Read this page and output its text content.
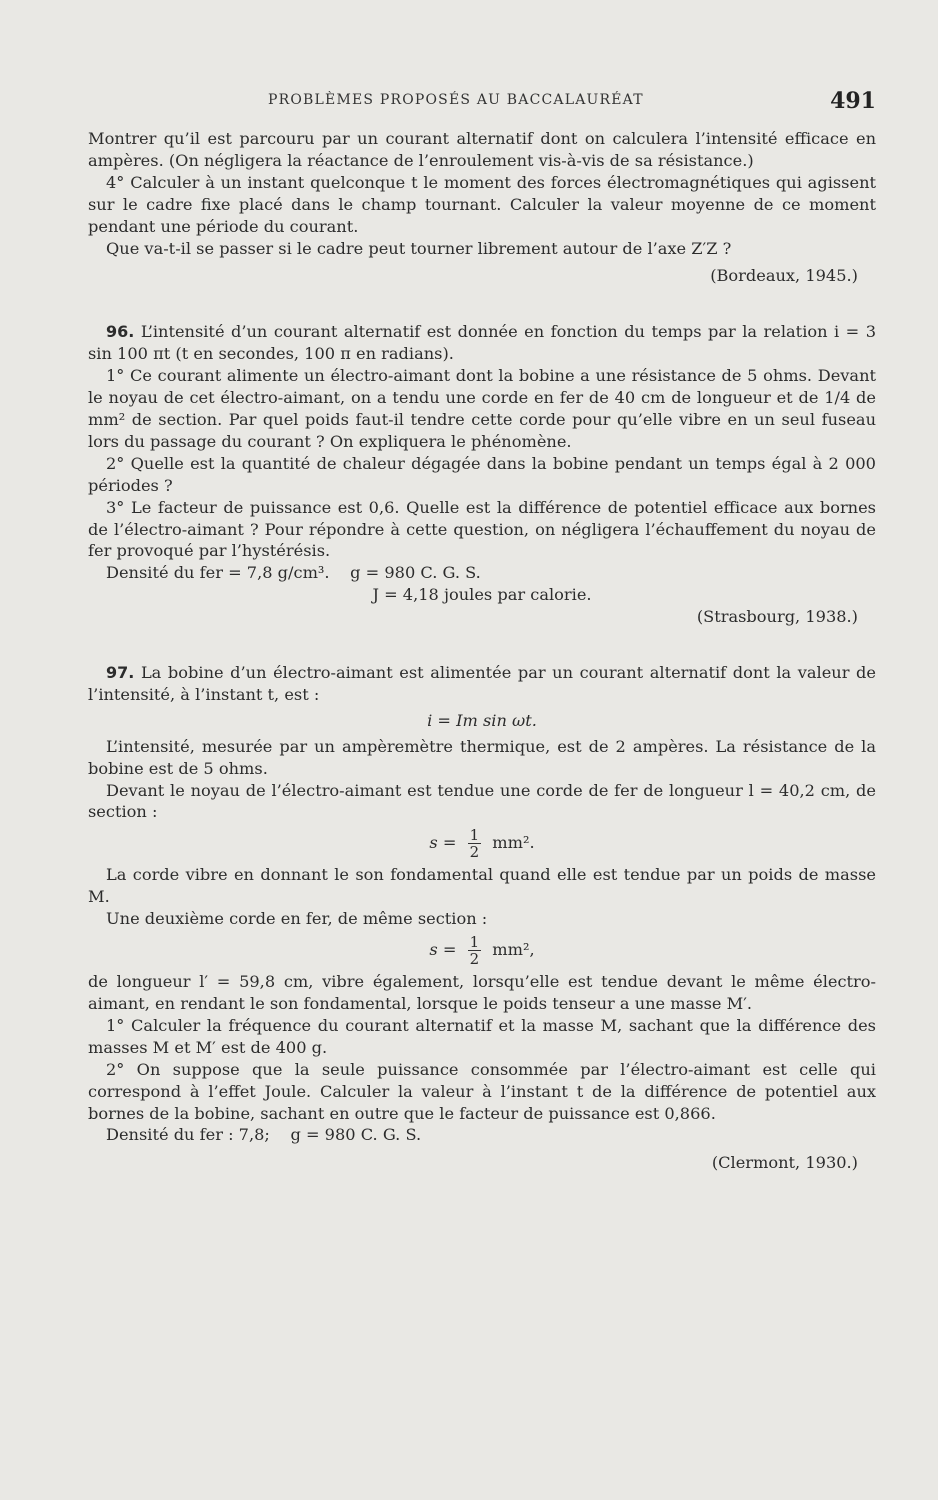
PROBLÈMES PROPOSÉS AU BACCALAURÉAT	491

Montrer qu’il est parcouru par un courant alternatif dont on calculera l’intensité efficace en ampères. (On négligera la réactance de l’enroulement vis-à-vis de sa résistance.)

4° Calculer à un instant quelconque t le moment des forces électromagnétiques qui agissent sur le cadre fixe placé dans le champ tournant. Calculer la valeur moyenne de ce moment pendant une période du courant.

Que va-t-il se passer si le cadre peut tourner librement autour de l’axe Z′Z ?

(Bordeaux, 1945.)

96. L’intensité d’un courant alternatif est donnée en fonction du temps par la relation i = 3 sin 100 πt (t en secondes, 100 π en radians).

1° Ce courant alimente un électro-aimant dont la bobine a une résistance de 5 ohms. Devant le noyau de cet électro-aimant, on a tendu une corde en fer de 40 cm de longueur et de 1/4 de mm² de section. Par quel poids faut-il tendre cette corde pour qu’elle vibre en un seul fuseau lors du passage du courant ? On expliquera le phénomène.

2° Quelle est la quantité de chaleur dégagée dans la bobine pendant un temps égal à 2 000 périodes ?

3° Le facteur de puissance est 0,6. Quelle est la différence de potentiel efficace aux bornes de l’électro-aimant ? Pour répondre à cette question, on négligera l’échauffement du noyau de fer provoqué par l’hystérésis.

Densité du fer = 7,8 g/cm³.    g = 980 C. G. S.

J = 4,18 joules par calorie.

(Strasbourg, 1938.)

97. La bobine d’un électro-aimant est alimentée par un courant alternatif dont la valeur de l’intensité, à l’instant t, est :

i = Im sin ωt.

L’intensité, mesurée par un ampèremètre thermique, est de 2 ampères. La résistance de la bobine est de 5 ohms.

Devant le noyau de l’électro-aimant est tendue une corde de fer de longueur l = 40,2 cm, de section :

$s = \frac{1}{2} mm^2$.

La corde vibre en donnant le son fondamental quand elle est tendue par un poids de masse M.

Une deuxième corde en fer, de même section :

$s = \frac{1}{2} mm^2$,

de longueur l′ = 59,8 cm, vibre également, lorsqu’elle est tendue devant le même électro-aimant, en rendant le son fondamental, lorsque le poids tenseur a une masse M′.

1° Calculer la fréquence du courant alternatif et la masse M, sachant que la différence des masses M et M′ est de 400 g.

2° On suppose que la seule puissance consommée par l’électro-aimant est celle qui correspond à l’effet Joule. Calculer la valeur à l’instant t de la différence de potentiel aux bornes de la bobine, sachant en outre que le facteur de puissance est 0,866.

Densité du fer : 7,8;    g = 980 C. G. S.

(Clermont, 1930.)
